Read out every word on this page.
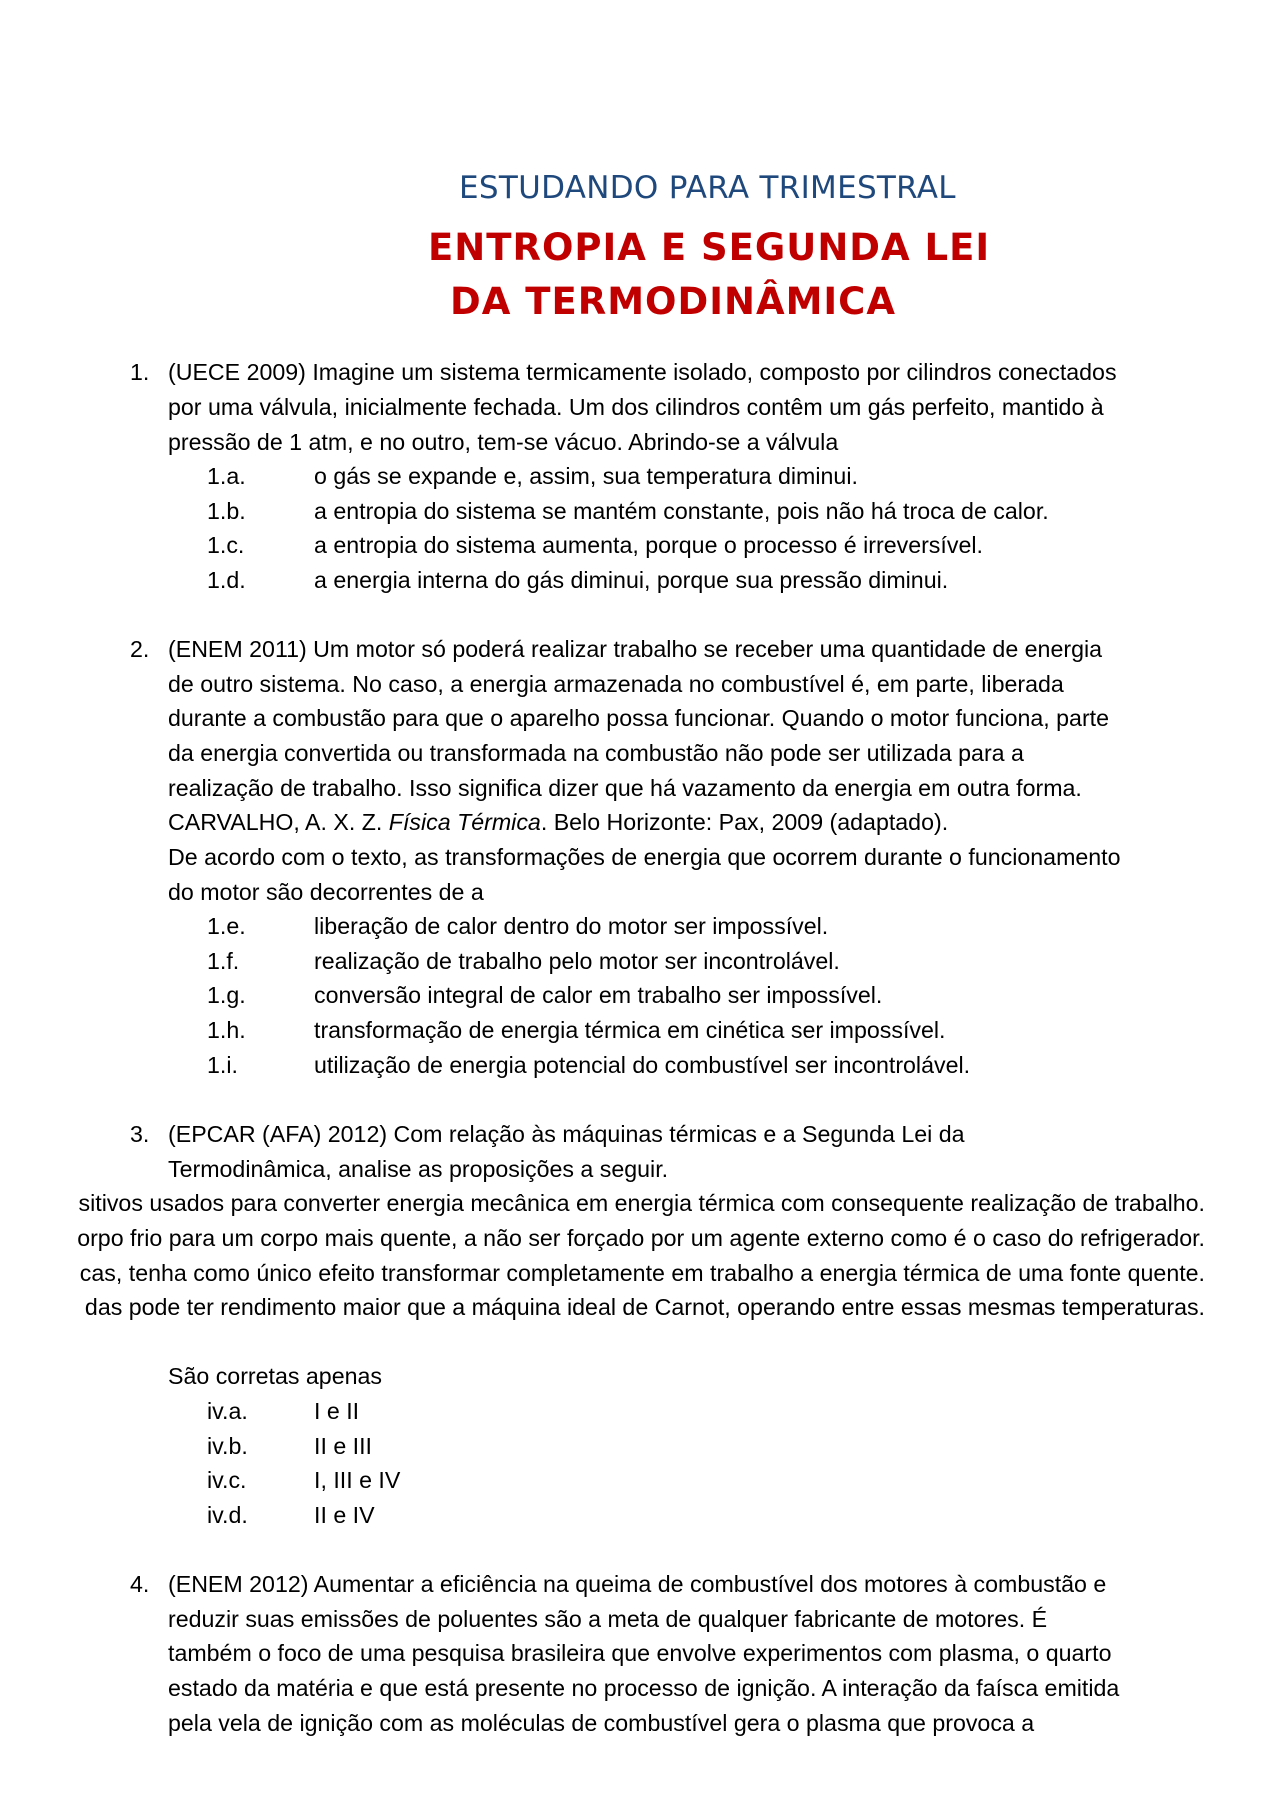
ESTUDANDO PARA TRIMESTRAL
ENTROPIA E SEGUNDA LEI
DA TERMODINÂMICA
1. (UECE 2009) Imagine um sistema termicamente isolado, composto por cilindros conectados
por uma válvula, inicialmente fechada. Um dos cilindros contêm um gás perfeito, mantido à
pressão de 1 atm, e no outro, tem-se vácuo. Abrindo-se a válvula
1.a.	o gás se expande e, assim, sua temperatura diminui.
1.b.	a entropia do sistema se mantém constante, pois não há troca de calor.
1.c.	a entropia do sistema aumenta, porque o processo é irreversível.
1.d.	a energia interna do gás diminui, porque sua pressão diminui.
2. (ENEM 2011) Um motor só poderá realizar trabalho se receber uma quantidade de energia
de outro sistema. No caso, a energia armazenada no combustível é, em parte, liberada
durante a combustão para que o aparelho possa funcionar. Quando o motor funciona, parte
da energia convertida ou transformada na combustão não pode ser utilizada para a
realização de trabalho. Isso significa dizer que há vazamento da energia em outra forma.
CARVALHO, A. X. Z. Física Térmica. Belo Horizonte: Pax, 2009 (adaptado).
De acordo com o texto, as transformações de energia que ocorrem durante o funcionamento
do motor são decorrentes de a
1.e.	liberação de calor dentro do motor ser impossível.
1.f.	realização de trabalho pelo motor ser incontrolável.
1.g.	conversão integral de calor em trabalho ser impossível.
1.h.	transformação de energia térmica em cinética ser impossível.
1.i.	utilização de energia potencial do combustível ser incontrolável.
3. (EPCAR (AFA) 2012) Com relação às máquinas térmicas e a Segunda Lei da
Termodinâmica, analise as proposições a seguir.
sitivos usados para converter energia mecânica em energia térmica com consequente realização de trabalho.
orpo frio para um corpo mais quente, a não ser forçado por um agente externo como é o caso do refrigerador.
cas, tenha como único efeito transformar completamente em trabalho a energia térmica de uma fonte quente.
das pode ter rendimento maior que a máquina ideal de Carnot, operando entre essas mesmas temperaturas.
São corretas apenas
iv.a.	I e II
iv.b.	II e III
iv.c.	I, III e IV
iv.d.	II e IV
4. (ENEM 2012) Aumentar a eficiência na queima de combustível dos motores à combustão e
reduzir suas emissões de poluentes são a meta de qualquer fabricante de motores. É
também o foco de uma pesquisa brasileira que envolve experimentos com plasma, o quarto
estado da matéria e que está presente no processo de ignição. A interação da faísca emitida
pela vela de ignição com as moléculas de combustível gera o plasma que provoca a
